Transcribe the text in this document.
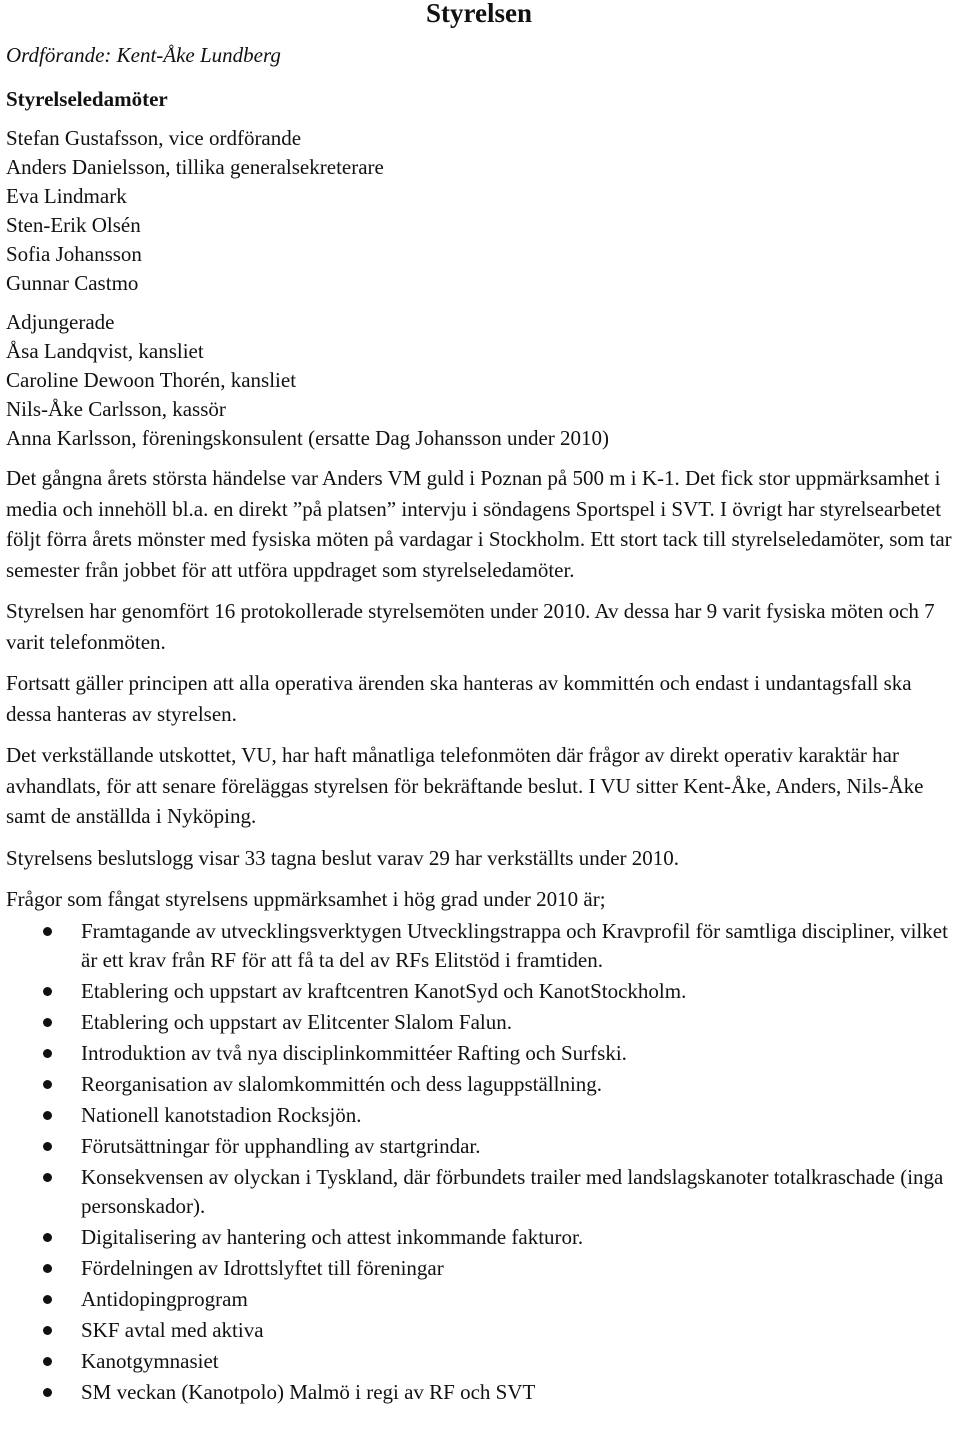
Styrelsen

Ordförande: Kent-Åke Lundberg

Styrelseledamöter

Stefan Gustafsson, vice ordförande
Anders Danielsson, tillika generalsekreterare
Eva Lindmark
Sten-Erik Olsén
Sofia Johansson
Gunnar Castmo
Adjungerade
Åsa Landqvist, kansliet
Caroline Dewoon Thorén, kansliet
Nils-Åke Carlsson, kassör
Anna Karlsson, föreningskonsulent (ersatte Dag Johansson under 2010)

Det gångna årets största händelse var Anders VM guld i Poznan på 500 m i K-1. Det fick stor uppmärksamhet i media och innehöll bl.a. en direkt ”på platsen” intervju i söndagens Sportspel i SVT. I övrigt har styrelsearbetet följt förra årets mönster med fysiska möten på vardagar i Stockholm. Ett stort tack till styrelseledamöter, som tar semester från jobbet för att utföra uppdraget som styrelseledamöter.

Styrelsen har genomfört 16 protokollerade styrelsemöten under 2010. Av dessa har 9 varit fysiska möten och 7 varit telefonmöten.

Fortsatt gäller principen att alla operativa ärenden ska hanteras av kommittén och endast i undantagsfall ska dessa hanteras av styrelsen.

Det verkställande utskottet, VU, har haft månatliga telefonmöten där frågor av direkt operativ karaktär har avhandlats, för att senare föreläggas styrelsen för bekräftande beslut. I VU sitter Kent-Åke, Anders, Nils-Åke samt de anställda i Nyköping.

Styrelsens beslutslogg visar 33 tagna beslut varav 29 har verkställts under 2010.

Frågor som fångat styrelsens uppmärksamhet i hög grad under 2010 är;

Framtagande av utvecklingsverktygen Utvecklingstrappa och Kravprofil för samtliga discipliner, vilket är ett krav från RF för att få ta del av RFs Elitstöd i framtiden.
Etablering och uppstart av kraftcentren KanotSyd och KanotStockholm.
Etablering och uppstart av Elitcenter Slalom Falun.
Introduktion av två nya disciplinkommittéer Rafting och Surfski.
Reorganisation av slalomkommittén och dess laguppställning.
Nationell kanotstadion Rocksjön.
Förutsättningar för upphandling av startgrindar.
Konsekvensen av olyckan i Tyskland, där förbundets trailer med landslagskanoter totalkraschade (inga personskador).
Digitalisering av hantering och attest inkommande fakturor.
Fördelningen av Idrottslyftet till föreningar
Antidopingprogram
SKF avtal med aktiva
Kanotgymnasiet
SM veckan (Kanotpolo) Malmö i regi av RF och SVT
